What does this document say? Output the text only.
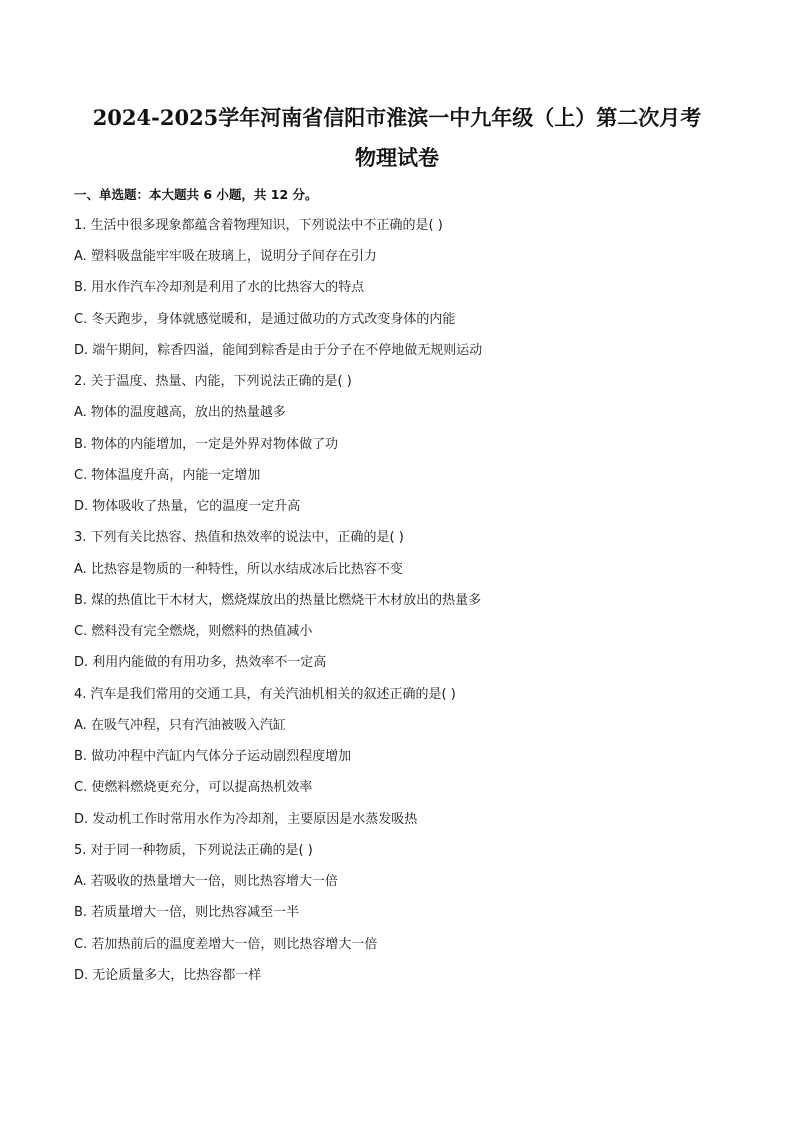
2024-2025学年河南省信阳市淮滨一中九年级（上）第二次月考
物理试卷
一、单选题：本大题共 6 小题，共 12 分。
1. 生活中很多现象都蕴含着物理知识，下列说法中不正确的是( )
A. 塑料吸盘能牢牢吸在玻璃上，说明分子间存在引力
B. 用水作汽车冷却剂是利用了水的比热容大的特点
C. 冬天跑步，身体就感觉暖和，是通过做功的方式改变身体的内能
D. 端午期间，粽香四溢，能闻到粽香是由于分子在不停地做无规则运动
2. 关于温度、热量、内能，下列说法正确的是( )
A. 物体的温度越高，放出的热量越多
B. 物体的内能增加，一定是外界对物体做了功
C. 物体温度升高，内能一定增加
D. 物体吸收了热量，它的温度一定升高
3. 下列有关比热容、热值和热效率的说法中，正确的是( )
A. 比热容是物质的一种特性，所以水结成冰后比热容不变
B. 煤的热值比干木材大，燃烧煤放出的热量比燃烧干木材放出的热量多
C. 燃料没有完全燃烧，则燃料的热值减小
D. 利用内能做的有用功多，热效率不一定高
4. 汽车是我们常用的交通工具，有关汽油机相关的叙述正确的是( )
A. 在吸气冲程，只有汽油被吸入汽缸
B. 做功冲程中汽缸内气体分子运动剧烈程度增加
C. 使燃料燃烧更充分，可以提高热机效率
D. 发动机工作时常用水作为冷却剂，主要原因是水蒸发吸热
5. 对于同一种物质，下列说法正确的是( )
A. 若吸收的热量增大一倍，则比热容增大一倍
B. 若质量增大一倍，则比热容减至一半
C. 若加热前后的温度差增大一倍，则比热容增大一倍
D. 无论质量多大，比热容都一样
